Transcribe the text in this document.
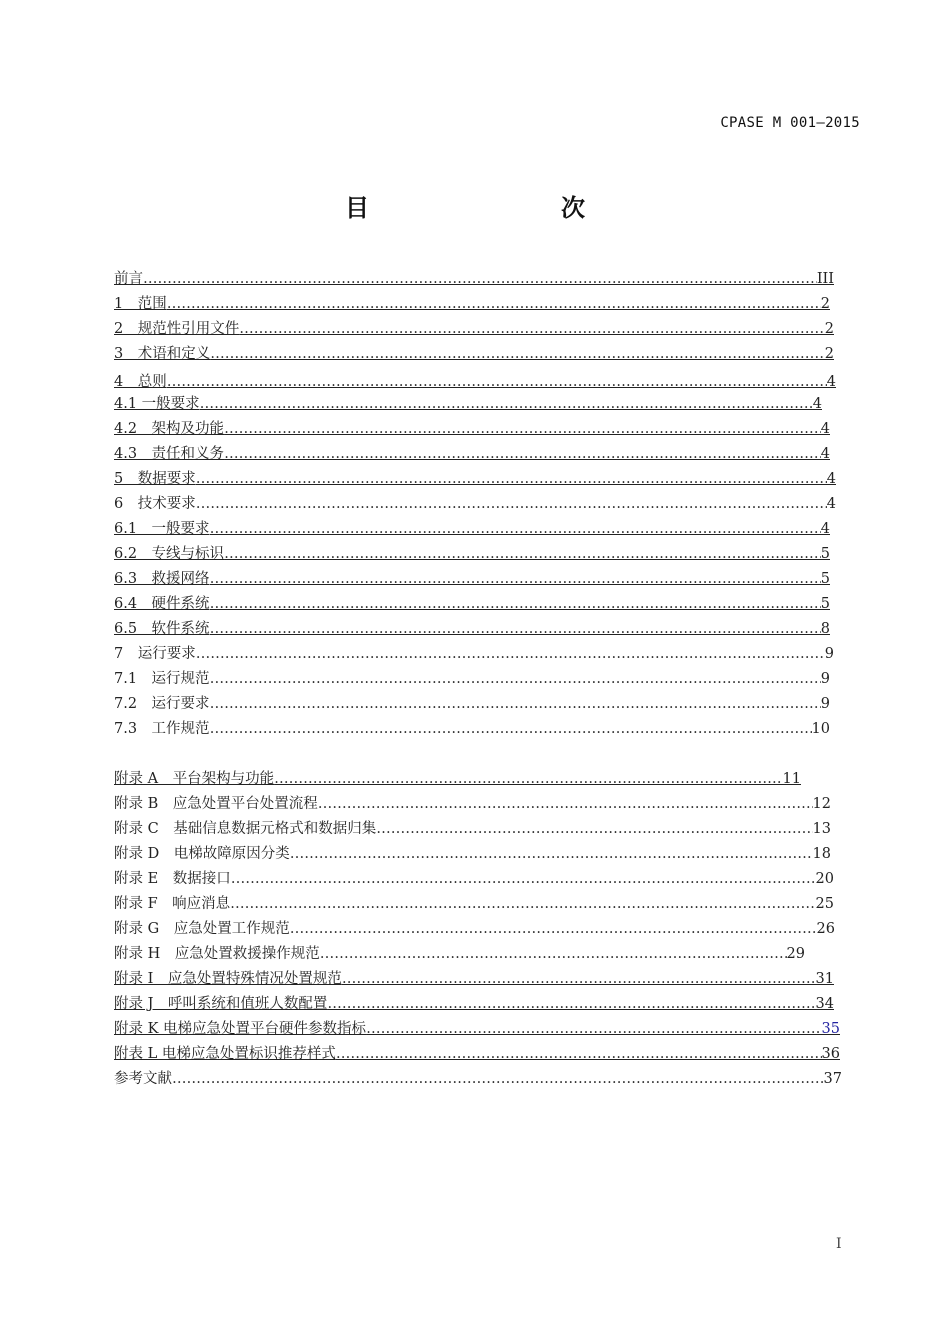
CPASE M 001—2015
目　　次
前言 ………………………………………………………………………………………………………………………………………………………………………………………………………………………	III
1　范围 ………………………………………………………………………………………………………………………………………………………………………………………………………………………	2
2　规范性引用文件 ………………………………………………………………………………………………………………………………………………………………………………………………………………………	2
3　术语和定义 ………………………………………………………………………………………………………………………………………………………………………………………………………………………	2
4　总则 ………………………………………………………………………………………………………………………………………………………………………………………………………………………	4
4.1 一般要求 ………………………………………………………………………………………………………………………………………………………………………………………………………………………	4
4.2　架构及功能 ………………………………………………………………………………………………………………………………………………………………………………………………………………………	4
4.3　责任和义务 ………………………………………………………………………………………………………………………………………………………………………………………………………………………	4
5　数据要求 ………………………………………………………………………………………………………………………………………………………………………………………………………………………	4
6　技术要求 ………………………………………………………………………………………………………………………………………………………………………………………………………………………	4
6.1　一般要求 ………………………………………………………………………………………………………………………………………………………………………………………………………………………	4
6.2　专线与标识 ………………………………………………………………………………………………………………………………………………………………………………………………………………………	5
6.3　救援网络 ………………………………………………………………………………………………………………………………………………………………………………………………………………………	5
6.4　硬件系统 ………………………………………………………………………………………………………………………………………………………………………………………………………………………	5
6.5　软件系统 ………………………………………………………………………………………………………………………………………………………………………………………………………………………	8
7　运行要求 ………………………………………………………………………………………………………………………………………………………………………………………………………………………	9
7.1　运行规范 ………………………………………………………………………………………………………………………………………………………………………………………………………………………	9
7.2　运行要求 ………………………………………………………………………………………………………………………………………………………………………………………………………………………	9
7.3　工作规范 ………………………………………………………………………………………………………………………………………………………………………………………………………………………	10
附录 A　平台架构与功能 ………………………………………………………………………………………………………………………………………………………………………………………………………………………	11
附录 B　应急处置平台处置流程 ………………………………………………………………………………………………………………………………………………………………………………………………………………………	12
附录 C　基础信息数据元格式和数据归集 ………………………………………………………………………………………………………………………………………………………………………………………………………………………	13
附录 D　电梯故障原因分类 ………………………………………………………………………………………………………………………………………………………………………………………………………………………	18
附录 E　数据接口 ………………………………………………………………………………………………………………………………………………………………………………………………………………………	20
附录 F　响应消息 ………………………………………………………………………………………………………………………………………………………………………………………………………………………	25
附录 G　应急处置工作规范 ………………………………………………………………………………………………………………………………………………………………………………………………………………………	26
附录 H　应急处置救援操作规范 ………………………………………………………………………………………………………………………………………………………………………………………………………………………	29
附录 I　应急处置特殊情况处置规范 ………………………………………………………………………………………………………………………………………………………………………………………………………………………	31
附录 J　呼叫系统和值班人数配置 ………………………………………………………………………………………………………………………………………………………………………………………………………………………	34
附录 K 电梯应急处置平台硬件参数指标 ………………………………………………………………………………………………………………………………………………………………………………………………………………………	35
附表 L 电梯应急处置标识推荐样式 ………………………………………………………………………………………………………………………………………………………………………………………………………………………	36
参考文献 ………………………………………………………………………………………………………………………………………………………………………………………………………………………	37
I
